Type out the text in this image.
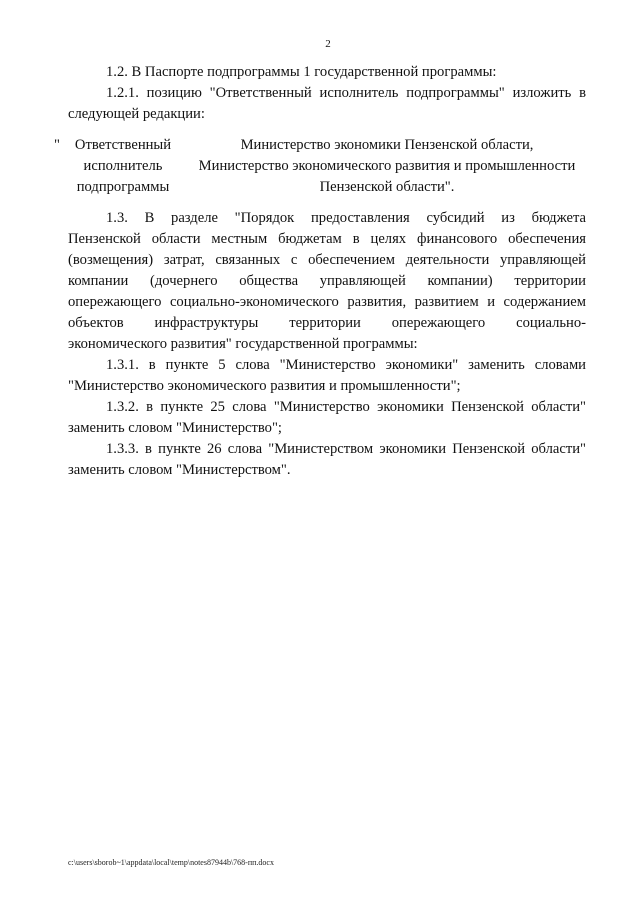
2

1.2. В Паспорте подпрограммы 1 государственной программы:

1.2.1. позицию "Ответственный исполнитель подпрограммы" изложить в

следующей редакции:

"	Ответственный
исполнитель
подпрограммы
Министерство экономики Пензенской области,
Министерство экономического развития и промышленности
Пензенской области".

1.3. В разделе "Порядок предоставления субсидий из бюджета

Пензенской области местным бюджетам в целях финансового обеспечения

(возмещения) затрат, связанных с обеспечением деятельности управляющей

компании (дочернего общества управляющей компании) территории

опережающего социально-экономического развития, развитием и содержанием

объектов инфраструктуры территории опережающего социально-

экономического развития" государственной программы:

1.3.1. в пункте 5 слова "Министерство экономики" заменить словами

"Министерство экономического развития и промышленности";

1.3.2. в пункте 25 слова "Министерство экономики Пензенской области"

заменить словом "Министерство";

1.3.3. в пункте 26 слова "Министерством экономики Пензенской области"

заменить словом "Министерством".

c:\users\sborob~1\appdata\local\temp\notes87944b\768-пп.docx
